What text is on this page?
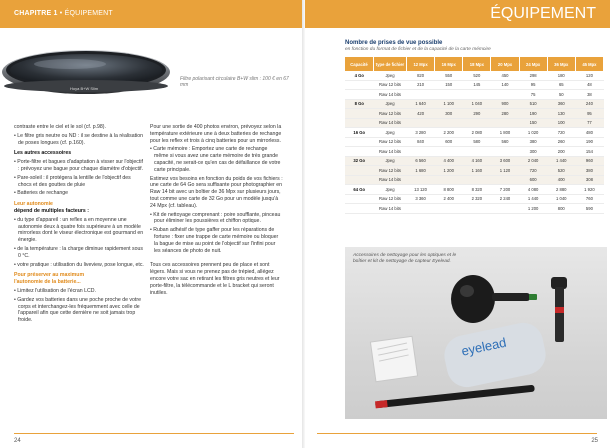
CHAPITRE 1 • ÉQUIPEMENT
Hoya B+W Slim
Filtre polarisant circulaire B+W slim : 100 € en 67 mm

contraste entre le ciel et le sol (cf. p.98).

• Le filtre gris neutre ou ND : il se destine à la réalisation de poses longues (cf. p.160).

Les autres accessoires

• Porte-filtre et bagues d'adaptation à visser sur l'objectif : prévoyez une bague pour chaque diamètre d'objectif.

• Pare-soleil : il protégera la lentille de l'objectif des chocs et des gouttes de pluie

• Batteries de rechange

Leur autonomie

dépend de multiples facteurs :

• du type d'appareil : un reflex a en moyenne une autonomie deux à quatre fois supérieure à un modèle mirrorless dont le viseur électronique est gourmand en énergie.

• de la température : la charge diminue rapidement sous 0 °C.

• votre pratique : utilisation du liveview, pose longue, etc.

Pour préserver au maximum

l'autonomie de la batterie...

• Limitez l'utilisation de l'écran LCD.

• Gardez vos batteries dans une poche proche de votre corps et interchangez-les fréquemment avec celle de l'appareil afin que cette dernière ne soit jamais trop froide.

Pour une sortie de 400 photos environ, prévoyez selon la température extérieure une à deux batteries de rechange pour les reflex et trois à cinq batteries pour un mirrorless.

• Carte mémoire : Emportez une carte de rechange même si vous avez une carte mémoire de très grande capacité, ne serait-ce qu'en cas de défaillance de votre carte principale.

Estimez vos besoins en fonction du poids de vos fichiers : une carte de 64 Go sera suffisante pour photographier en Raw 14 bit avec un boîtier de 36 Mpx sur plusieurs jours, tout comme une carte de 32 Go pour un modèle jusqu'à 24 Mpx (cf. tableau).

• Kit de nettoyage comprenant : poire soufflante, pinceau pour éliminer les poussières et chiffon optique.

• Ruban adhésif de type gaffer pour les réparations de fortune : fixer une trappe de carte mémoire ou bloquer la bague de mise au point de l'objectif sur l'infini pour les séances de photo de nuit.

Tous ces accessoires prennent peu de place et sont légers. Mais si vous ne prenez pas de trépied, allégez encore votre sac en retirant les filtres gris neutres et leur porte-filtre, la télécommande et le L bracket qui seront inutiles.

24
ÉQUIPEMENT
Nombre de prises de vue possible
en fonction du format de fichier et de la capacité de la carte mémoire
Capacité	type de fichier	12 Mpx	16 Mpx	18 Mpx	20 Mpx	24 Mpx	36 Mpx	45 Mpx
4 Go	Jpeg	820	550	520	450	298	180	120
	Raw 12 bits	210	150	145	140	95	65	48
	Raw 14 bits					75	50	38
8 Go	Jpeg	1 640	1 100	1 040	900	510	360	240
	Raw 12 bits	420	300	290	280	190	130	95
	Raw 14 bits					150	100	77
16 Go	Jpeg	3 280	2 200	2 080	1 800	1 020	720	480
	Raw 12 bits	840	600	580	560	380	260	190
	Raw 14 bits					300	200	154
32 Go	Jpeg	6 560	4 400	4 160	3 600	2 040	1 440	960
	Raw 12 bits	1 680	1 200	1 160	1 120	720	520	380
	Raw 14 bits					600	400	308
64 Go	Jpeg	13 120	8 800	8 320	7 200	4 080	2 880	1 920
	Raw 12 bits	3 360	2 400	2 320	2 240	1 440	1 040	760
	Raw 14 bits					1 200	800	590
Accessoires de nettoyage pour les optiques et le boîtier et kit de nettoyage de capteur Eyelead.
eyelead
25
